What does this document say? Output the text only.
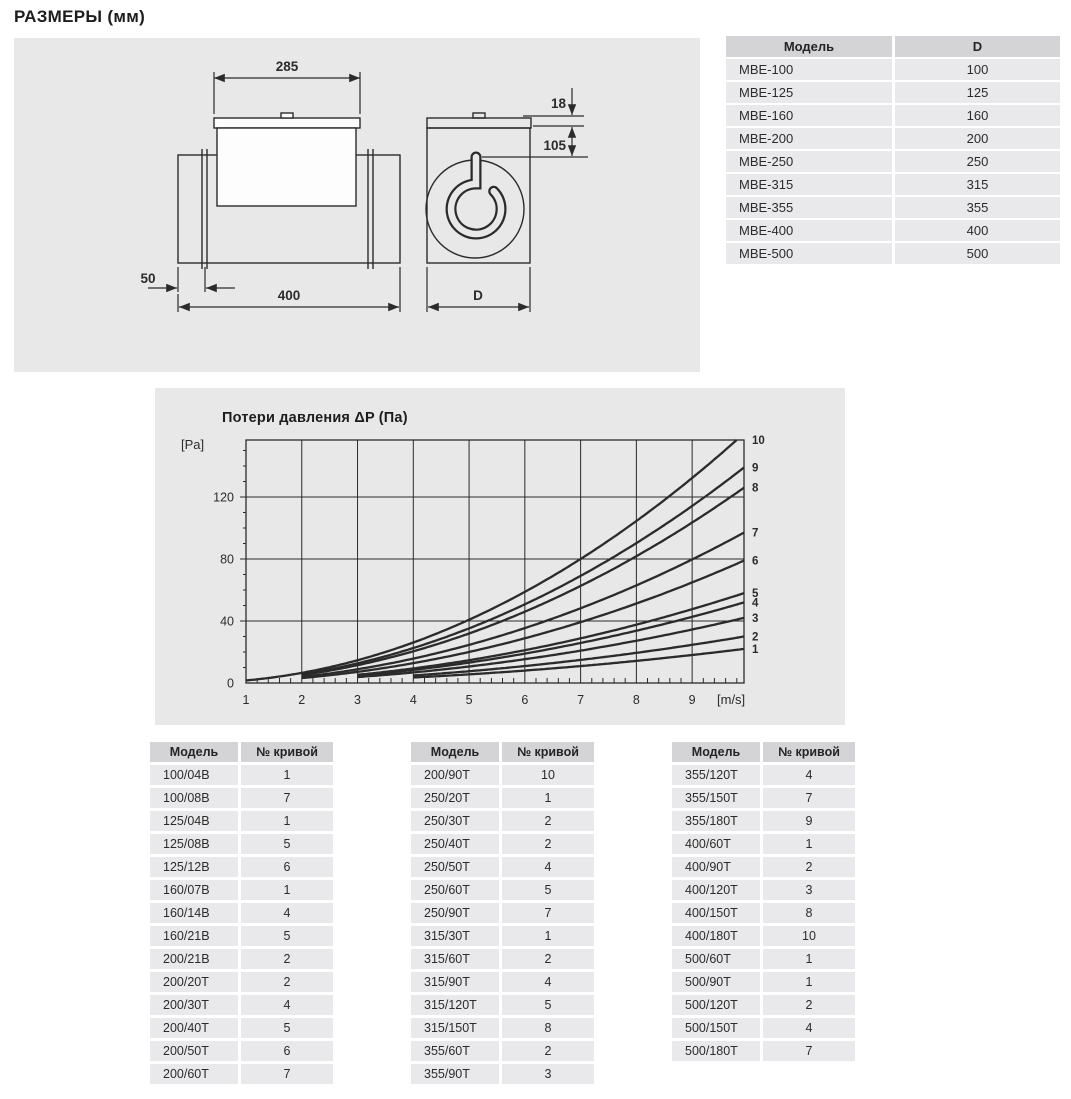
РАЗМЕРЫ (мм)
285
50
400
18
105
D
Модель	D
MBE-100	100
MBE-125	125
MBE-160	160
MBE-200	200
MBE-250	250
MBE-315	315
MBE-355	355
MBE-400	400
MBE-500	500
Потери давления ΔP (Па)
1
2
3
4
5
6
7
8
9
10
1	2	3	4	5	6	7	8	9
0
40
80
120
[Pa]
[m/s]
Модель	№ кривой
100/04B	1
100/08B	7
125/04B	1
125/08B	5
125/12B	6
160/07B	1
160/14B	4
160/21B	5
200/21B	2
200/20T	2
200/30T	4
200/40T	5
200/50T	6
200/60T	7
Модель	№ кривой
200/90T	10
250/20T	1
250/30T	2
250/40T	2
250/50T	4
250/60T	5
250/90T	7
315/30T	1
315/60T	2
315/90T	4
315/120T	5
315/150T	8
355/60T	2
355/90T	3
Модель	№ кривой
355/120T	4
355/150T	7
355/180T	9
400/60T	1
400/90T	2
400/120T	3
400/150T	8
400/180T	10
500/60T	1
500/90T	1
500/120T	2
500/150T	4
500/180T	7
